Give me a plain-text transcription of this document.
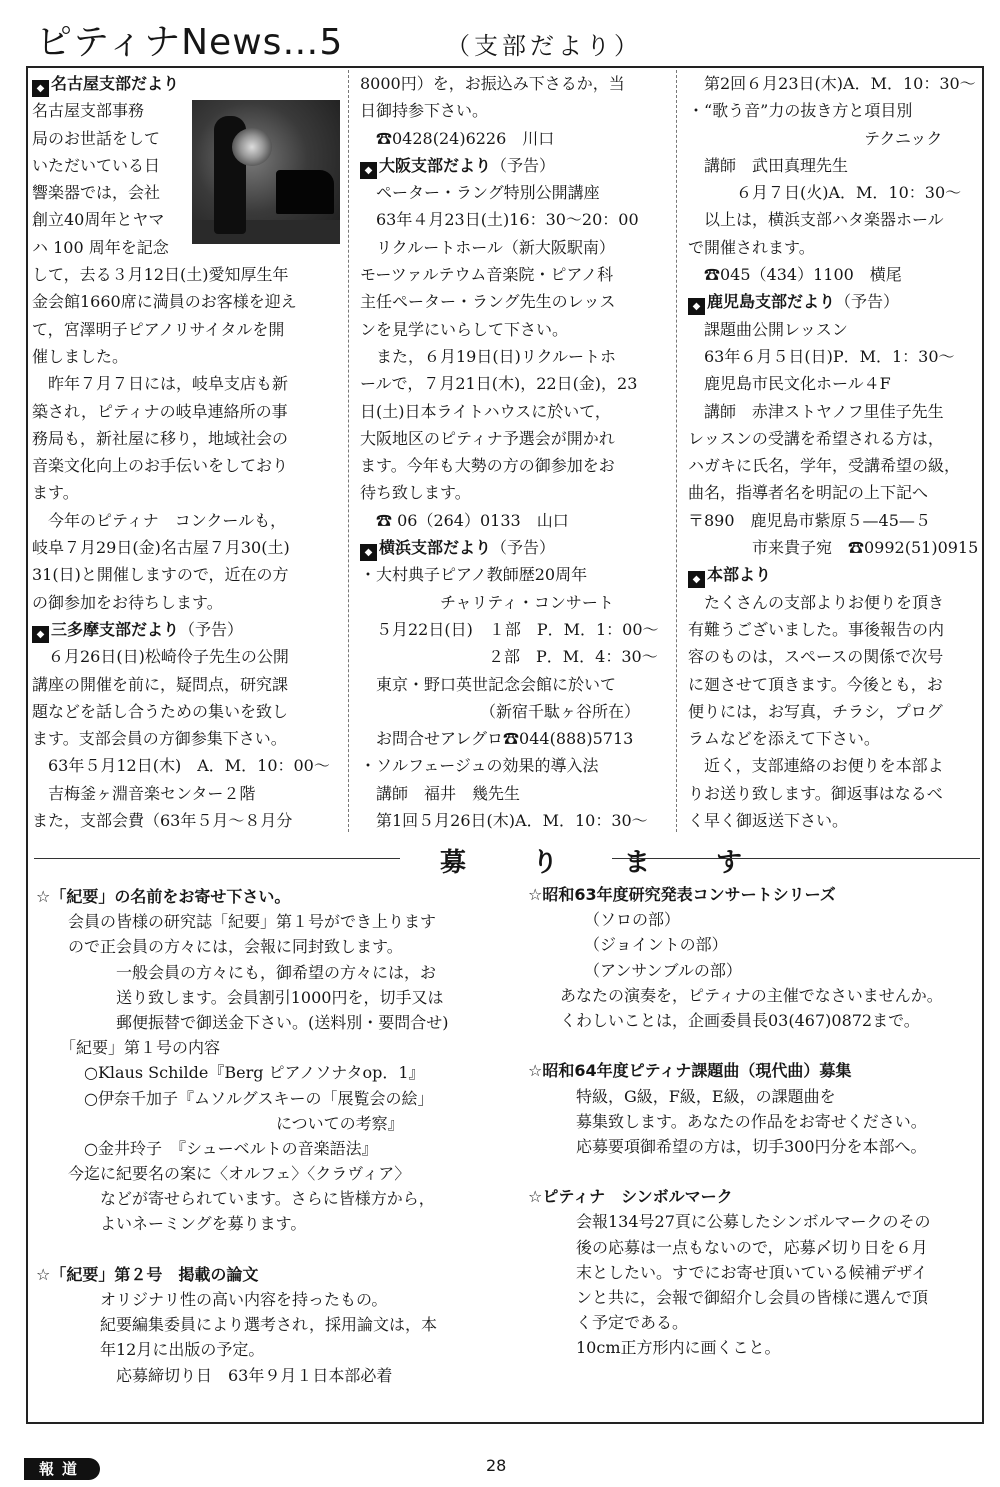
ピティナNews…5	（支部だより）
◆ 名古屋支部だより
名古屋支部事務
局のお世話をして
いただいている日
響楽器では，会社
創立40周年とヤマ
ハ 100 周年を記念
して，去る３月12日(土)愛知厚生年
金会館1660席に満員のお客様を迎え
て，宮澤明子ピアノリサイタルを開
催しました。
　昨年７月７日には，岐阜支店も新
築され，ピティナの岐阜連絡所の事
務局も，新社屋に移り，地域社会の
音楽文化向上のお手伝いをしており
ます。
　今年のピティナ　コンクールも，
岐阜７月29日(金)名古屋７月30(土)
31(日)と開催しますので，近在の方
の御参加をお待ちします。
◆ 三多摩支部だより（予告）
　６月26日(日)松崎伶子先生の公開
講座の開催を前に，疑問点，研究課
題などを話し合うための集いを致し
ます。支部会員の方御参集下さい。
　63年５月12日(木)　A．M．10：00〜
　吉梅釜ヶ淵音楽センター２階
また，支部会費（63年５月〜８月分
8000円）を，お振込み下さるか，当
日御持参下さい。
　☎0428(24)6226　川口
◆ 大阪支部だより（予告）
　ペーター・ラング特別公開講座
　63年４月23日(土)16：30〜20：00
　リクルートホール（新大阪駅南）
モーツァルテウム音楽院・ピアノ科
主任ペーター・ラング先生のレッス
ンを見学にいらして下さい。
　また，６月19日(日)リクルートホ
ールで，７月21日(木)，22日(金)，23
日(土)日本ライトハウスに於いて，
大阪地区のピティナ予選会が開かれ
ます。今年も大勢の方の御参加をお
待ち致します。
　☎ 06（264）0133　山口
◆ 横浜支部だより（予告）
・大村典子ピアノ教師歴20周年
　　　　　チャリティ・コンサート
　５月22日(日)　１部　P．M．1：00〜
　　　　　　　　２部　P．M．4：30〜
　東京・野口英世記念会館に於いて
　　　　　　　　（新宿千駄ヶ谷所在）
　お問合せアレグロ☎044(888)5713
・ソルフェージュの効果的導入法
　講師　福井　幾先生
　第1回５月26日(木)A．M．10：30〜
　第2回６月23日(木)A．M．10：30〜
・“歌う音”力の抜き方と項目別
　　　　　　　　　　　テクニック
　講師　武田真理先生
　　　６月７日(火)A．M．10：30〜
　以上は，横浜支部ハタ楽器ホール
で開催されます。
　☎045（434）1100　横尾
◆ 鹿児島支部だより（予告）
　課題曲公開レッスン
　63年６月５日(日)P．M．1：30〜
　鹿児島市民文化ホール４F
　講師　赤津ストヤノフ里佳子先生
レッスンの受講を希望される方は，
ハガキに氏名，学年，受講希望の級，
曲名，指導者名を明記の上下記へ
〒890　鹿児島市紫原５—45—５
　　　　市来貴子宛　☎0992(51)0915
◆ 本部より
　たくさんの支部よりお便りを頂き
有難うございました。事後報告の内
容のものは，スペースの関係で次号
に廻させて頂きます。今後とも，お
便りには，お写真，チラシ，プログ
ラムなどを添えて下さい。
　近く，支部連絡のお便りを本部よ
りお送り致します。御返事はなるべ
く早く御返送下さい。
募　り　ま　す
☆「紀要」の名前をお寄せ下さい。
　　会員の皆様の研究誌「紀要」第１号ができ上ります
　　ので正会員の方々には，会報に同封致します。
　　　　　一般会員の方々にも，御希望の方々には，お
　　　　　送り致します。会員割引1000円を，切手又は
　　　　　郵便振替で御送金下さい。(送料別・要問合せ)
　　「紀要」第１号の内容
　　　○Klaus Schilde『Berg ピアノソナタop．1』
　　　○伊奈千加子『ムソルグスキーの「展覧会の絵」
　　　　　　　　　　　　　　　についての考察』
　　　○金井玲子　『シューベルトの音楽語法』
　　今迄に紀要名の案に〈オルフェ〉〈クラヴィア〉
　　　　などが寄せられています。さらに皆様方から，
　　　　よいネーミングを募ります。
☆「紀要」第２号　掲載の論文
　　　　オリジナリ性の高い内容を持ったもの。
　　　　紀要編集委員により選考され，採用論文は，本
　　　　年12月に出版の予定。
　　　　　応募締切り日　63年９月１日本部必着
☆昭和63年度研究発表コンサートシリーズ
　　　　（ソロの部）
　　　　（ジョイントの部）
　　　　（アンサンブルの部）
　　あなたの演奏を，ピティナの主催でなさいませんか。
　　くわしいことは，企画委員長03(467)0872まで。
☆昭和64年度ピティナ課題曲（現代曲）募集
　　　特級，G級，F級，E級，の課題曲を
　　　募集致します。あなたの作品をお寄せください。
　　　応募要項御希望の方は，切手300円分を本部へ。
☆ピティナ　シンボルマーク
　　　会報134号27頁に公募したシンボルマークのその
　　　後の応募は一点もないので，応募〆切り日を６月
　　　末としたい。すでにお寄せ頂いている候補デザイ
　　　ンと共に，会報で御紹介し会員の皆様に選んで頂
　　　く予定である。
　　　10cm正方形内に画くこと。
報道	28
